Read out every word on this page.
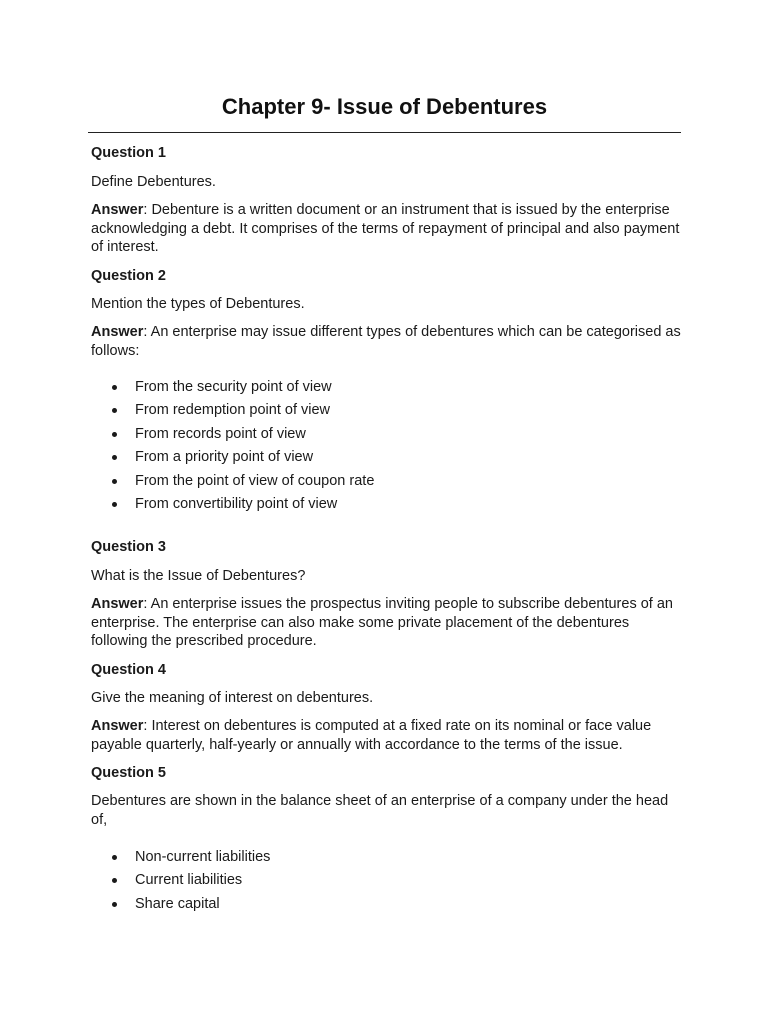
Chapter 9- Issue of Debentures
Question 1
Define Debentures.
Answer: Debenture is a written document or an instrument that is issued by the enterprise acknowledging a debt. It comprises of the terms of repayment of principal and also payment of interest.
Question 2
Mention the types of Debentures.
Answer: An enterprise may issue different types of debentures which can be categorised as follows:
From the security point of view
From redemption point of view
From records point of view
From a priority point of view
From the point of view of coupon rate
From convertibility point of view
Question 3
What is the Issue of Debentures?
Answer: An enterprise issues the prospectus inviting people to subscribe debentures of an enterprise. The enterprise can also make some private placement of the debentures following the prescribed procedure.
Question 4
Give the meaning of interest on debentures.
Answer: Interest on debentures is computed at a fixed rate on its nominal or face value payable quarterly, half-yearly or annually with accordance to the terms of the issue.
Question 5
Debentures are shown in the balance sheet of an enterprise of a company under the head of,
Non-current liabilities
Current liabilities
Share capital
